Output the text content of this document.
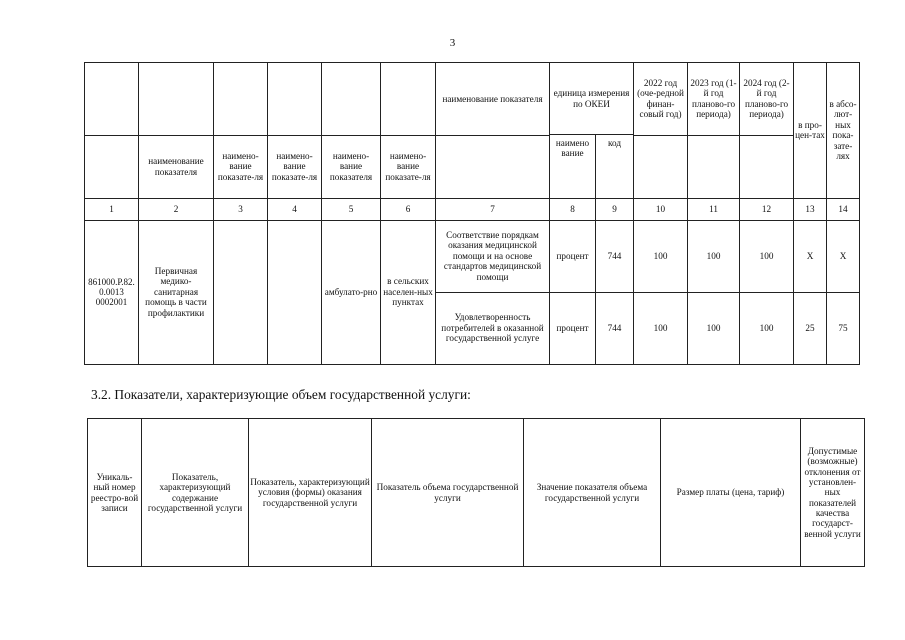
3
						наименование показателя	единица измерения по ОКЕИ		2022 год (оче-редной финан-совый год)	2023 год (1-й год планово-го периода)	2024 год (2-й год планово-го периода)	в про-цен-тах	в абсо-лют-ных пока-зате-лях
							наимено вание	код					
	наименование показателя	наимено-вание показате-ля	наимено-вание показате-ля	наимено-вание показателя	наимено-вание показате-ля								
1	2	3	4	5	6	7	8	9	10	11	12	13	14
861000.Р.82.0.0013 0002001	Первичная медико-санитарная помощь в части профилактики			амбулато-рно	в сельских населен-ных пунктах	Соответствие порядкам оказания медицинской помощи и на основе стандартов медицинской помощи	процент	744	100	100	100	X	X
						Удовлетворенность потребителей в оказанной государственной услуге	процент	744	100	100	100	25	75
3.2. Показатели, характеризующие объем государственной услуги:
Уникаль-ный номер реестро-вой записи	Показатель, характеризующий содержание государственной услуги	Показатель, характеризующий условия (формы) оказания государственной услуги	Показатель объема государственной услуги	Значение показателя объема государственной услуги	Размер платы (цена, тариф)	Допустимые (возможные) отклонения от установлен-ных показателей качества государст-венной услуги
